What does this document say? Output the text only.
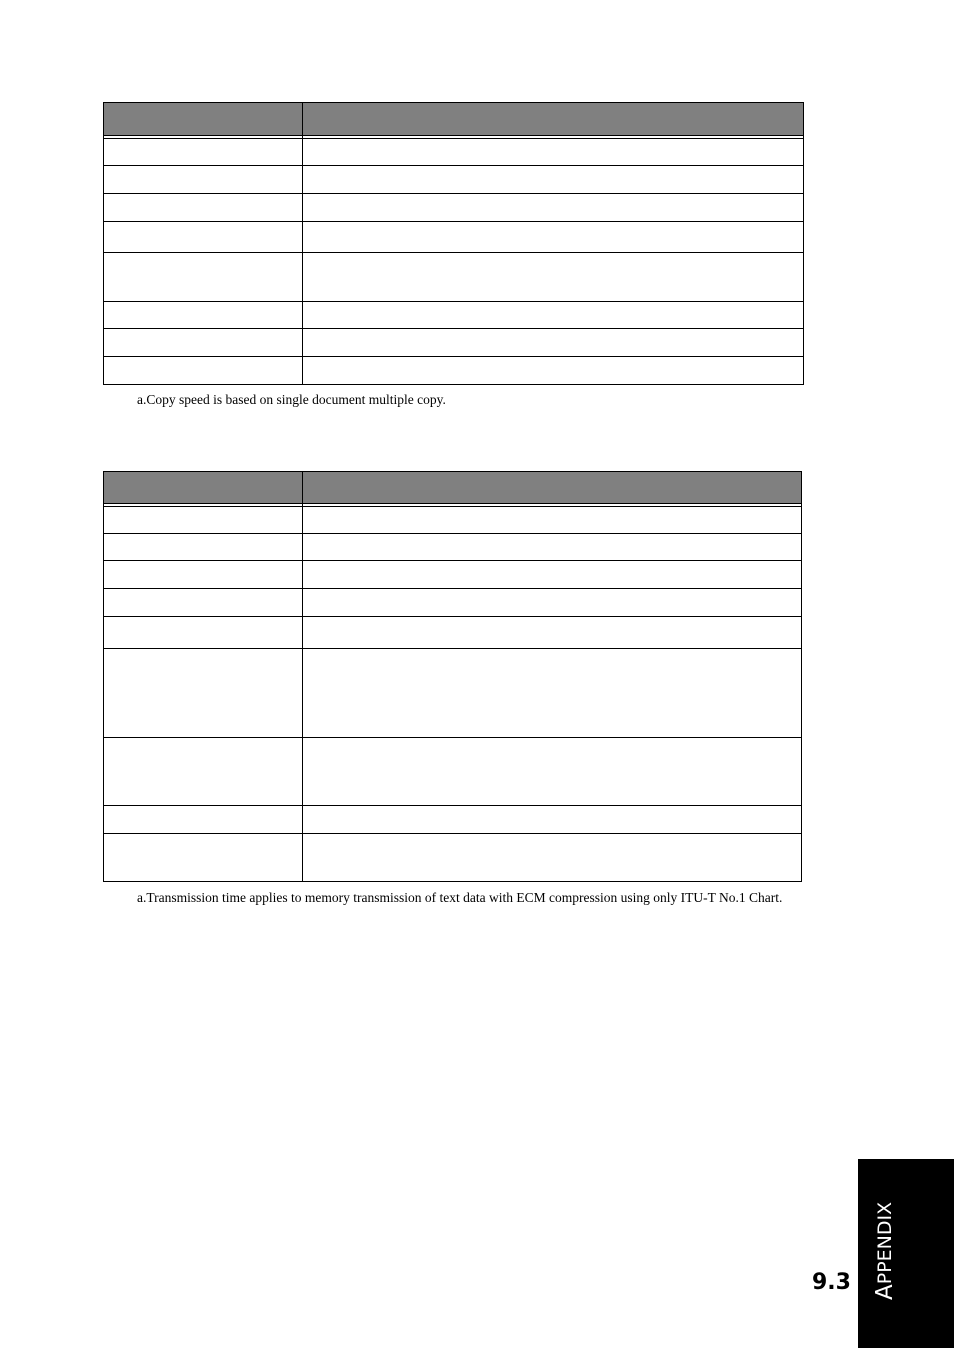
a.Copy speed is based on single document multiple copy.

a.Transmission time applies to memory transmission of text data with ECM compression using only ITU-T No.1 Chart.
APPENDIX
9.3
